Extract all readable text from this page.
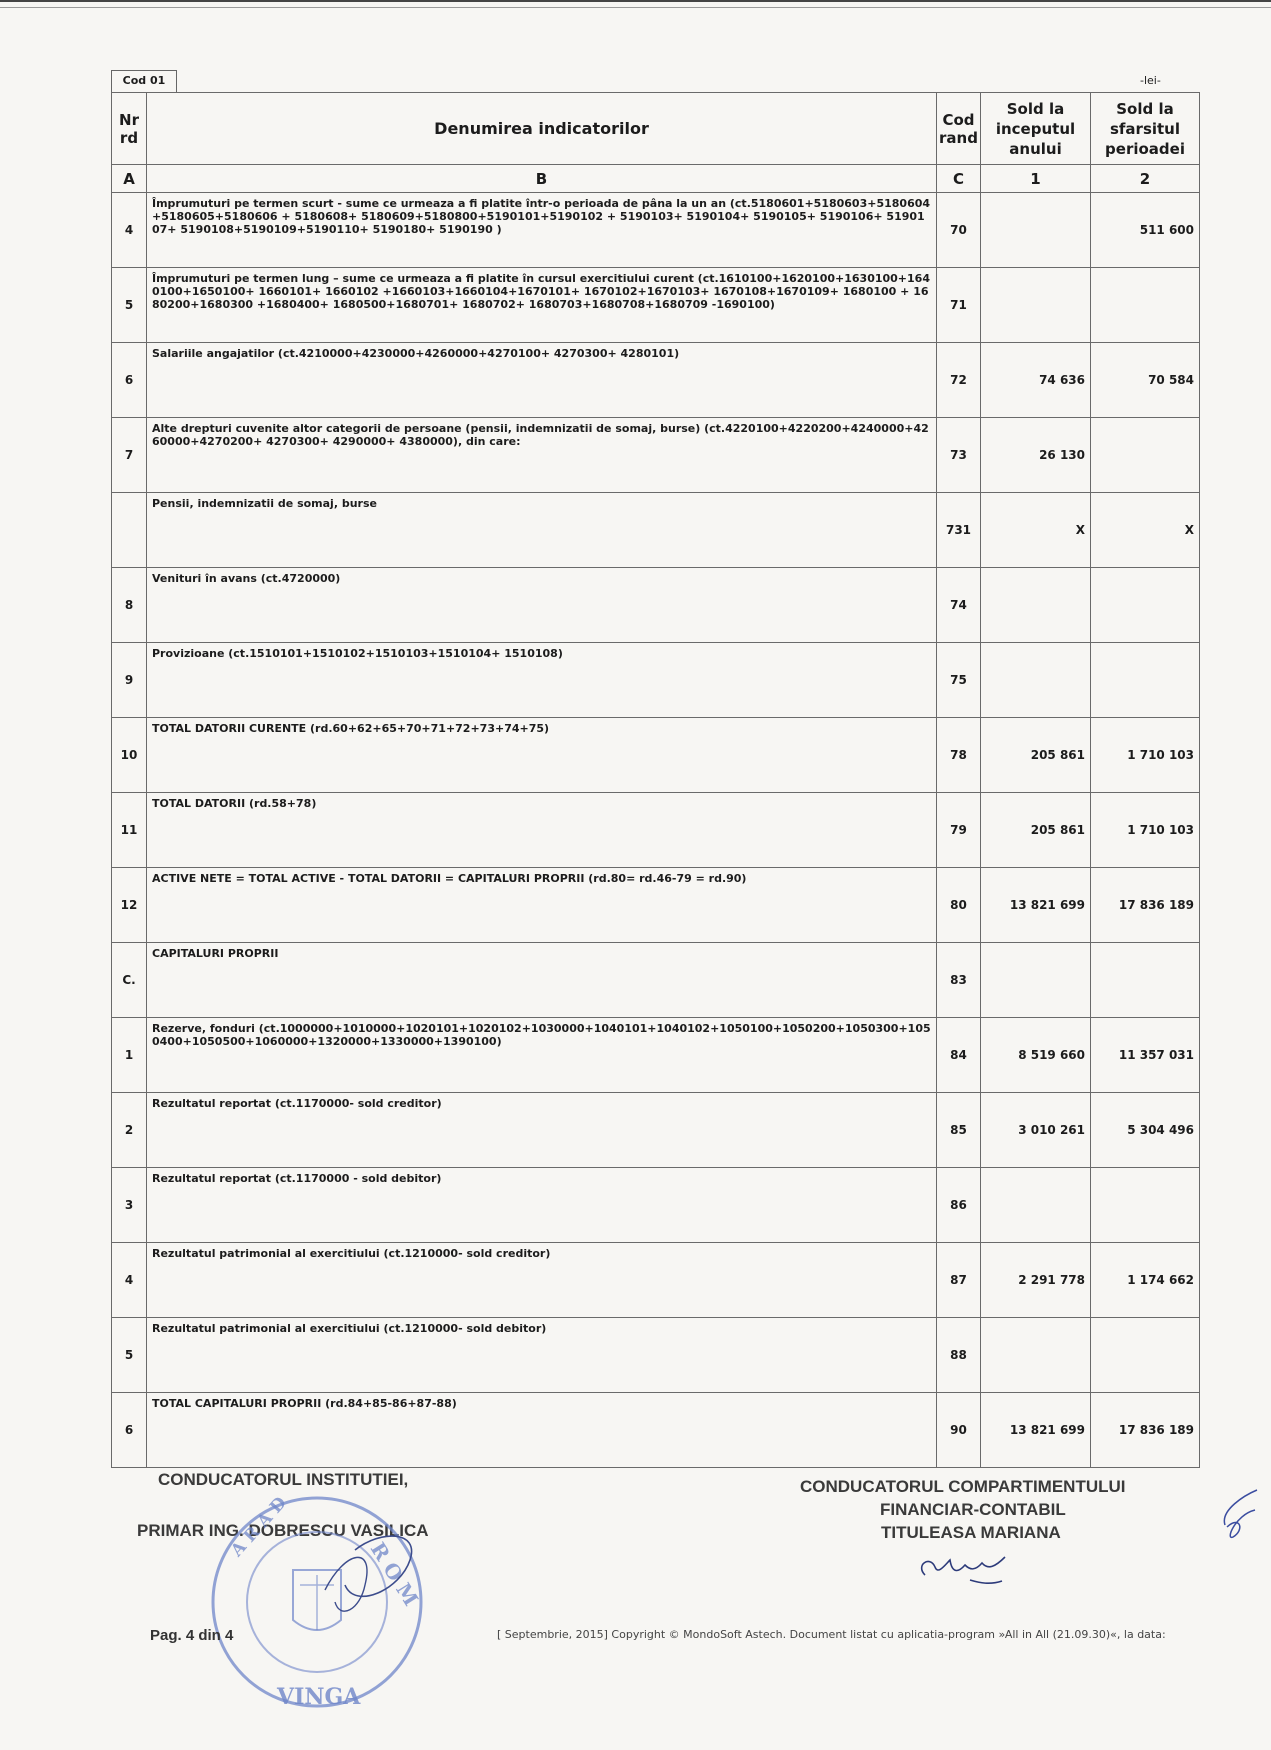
Cod 01	-lei-
Nr rd	Denumirea indicatorilor	Cod rand	Sold la inceputul anului	Sold la sfarsitul perioadei
A	B	C	1	2
4	Împrumuturi pe termen scurt - sume ce urmeaza a fi platite într-o perioada de pâna la un an (ct.5180601+5180603+5180604+5180605+5180606 + 5180608+ 5180609+5180800+5190101+5190102 + 5190103+ 5190104+ 5190105+ 5190106+ 5190107+ 5190108+5190109+5190110+ 5190180+ 5190190 )	70		511 600
5	Împrumuturi pe termen lung – sume ce urmeaza a fi platite în cursul exercitiului curent (ct.1610100+1620100+1630100+1640100+1650100+ 1660101+ 1660102 +1660103+1660104+1670101+ 1670102+1670103+ 1670108+1670109+ 1680100 + 1680200+1680300 +1680400+ 1680500+1680701+ 1680702+ 1680703+1680708+1680709 -1690100)	71		
6	Salariile angajatilor (ct.4210000+4230000+4260000+4270100+ 4270300+ 4280101)	72	74 636	70 584
7	Alte drepturi cuvenite altor categorii de persoane (pensii, indemnizatii de somaj, burse) (ct.4220100+4220200+4240000+4260000+4270200+ 4270300+ 4290000+ 4380000), din care:	73	26 130	
	Pensii, indemnizatii de somaj, burse	731	X	X
8	Venituri în avans (ct.4720000)	74		
9	Provizioane (ct.1510101+1510102+1510103+1510104+ 1510108)	75		
10	TOTAL DATORII CURENTE (rd.60+62+65+70+71+72+73+74+75)	78	205 861	1 710 103
11	TOTAL DATORII (rd.58+78)	79	205 861	1 710 103
12	ACTIVE NETE = TOTAL ACTIVE - TOTAL DATORII = CAPITALURI PROPRII (rd.80= rd.46-79 = rd.90)	80	13 821 699	17 836 189
C.	CAPITALURI PROPRII	83		
1	Rezerve, fonduri (ct.1000000+1010000+1020101+1020102+1030000+1040101+1040102+1050100+1050200+1050300+1050400+1050500+1060000+1320000+1330000+1390100)	84	8 519 660	11 357 031
2	Rezultatul reportat (ct.1170000- sold creditor)	85	3 010 261	5 304 496
3	Rezultatul reportat (ct.1170000 - sold debitor)	86		
4	Rezultatul patrimonial al exercitiului (ct.1210000- sold creditor)	87	2 291 778	1 174 662
5	Rezultatul patrimonial al exercitiului (ct.1210000- sold debitor)	88		
6	TOTAL CAPITALURI PROPRII (rd.84+85-86+87-88)	90	13 821 699	17 836 189
CONDUCATORUL INSTITUTIEI,
PRIMAR ING. DOBRESCU VASILICA
CONDUCATORUL COMPARTIMENTULUI
FINANCIAR-CONTABIL
TITULEASA MARIANA
A R A D
R O M
VINGA
Pag. 4 din 4	[ Septembrie, 2015] Copyright © MondoSoft Astech. Document listat cu aplicatia-program »All in All (21.09.30)«, la data:
